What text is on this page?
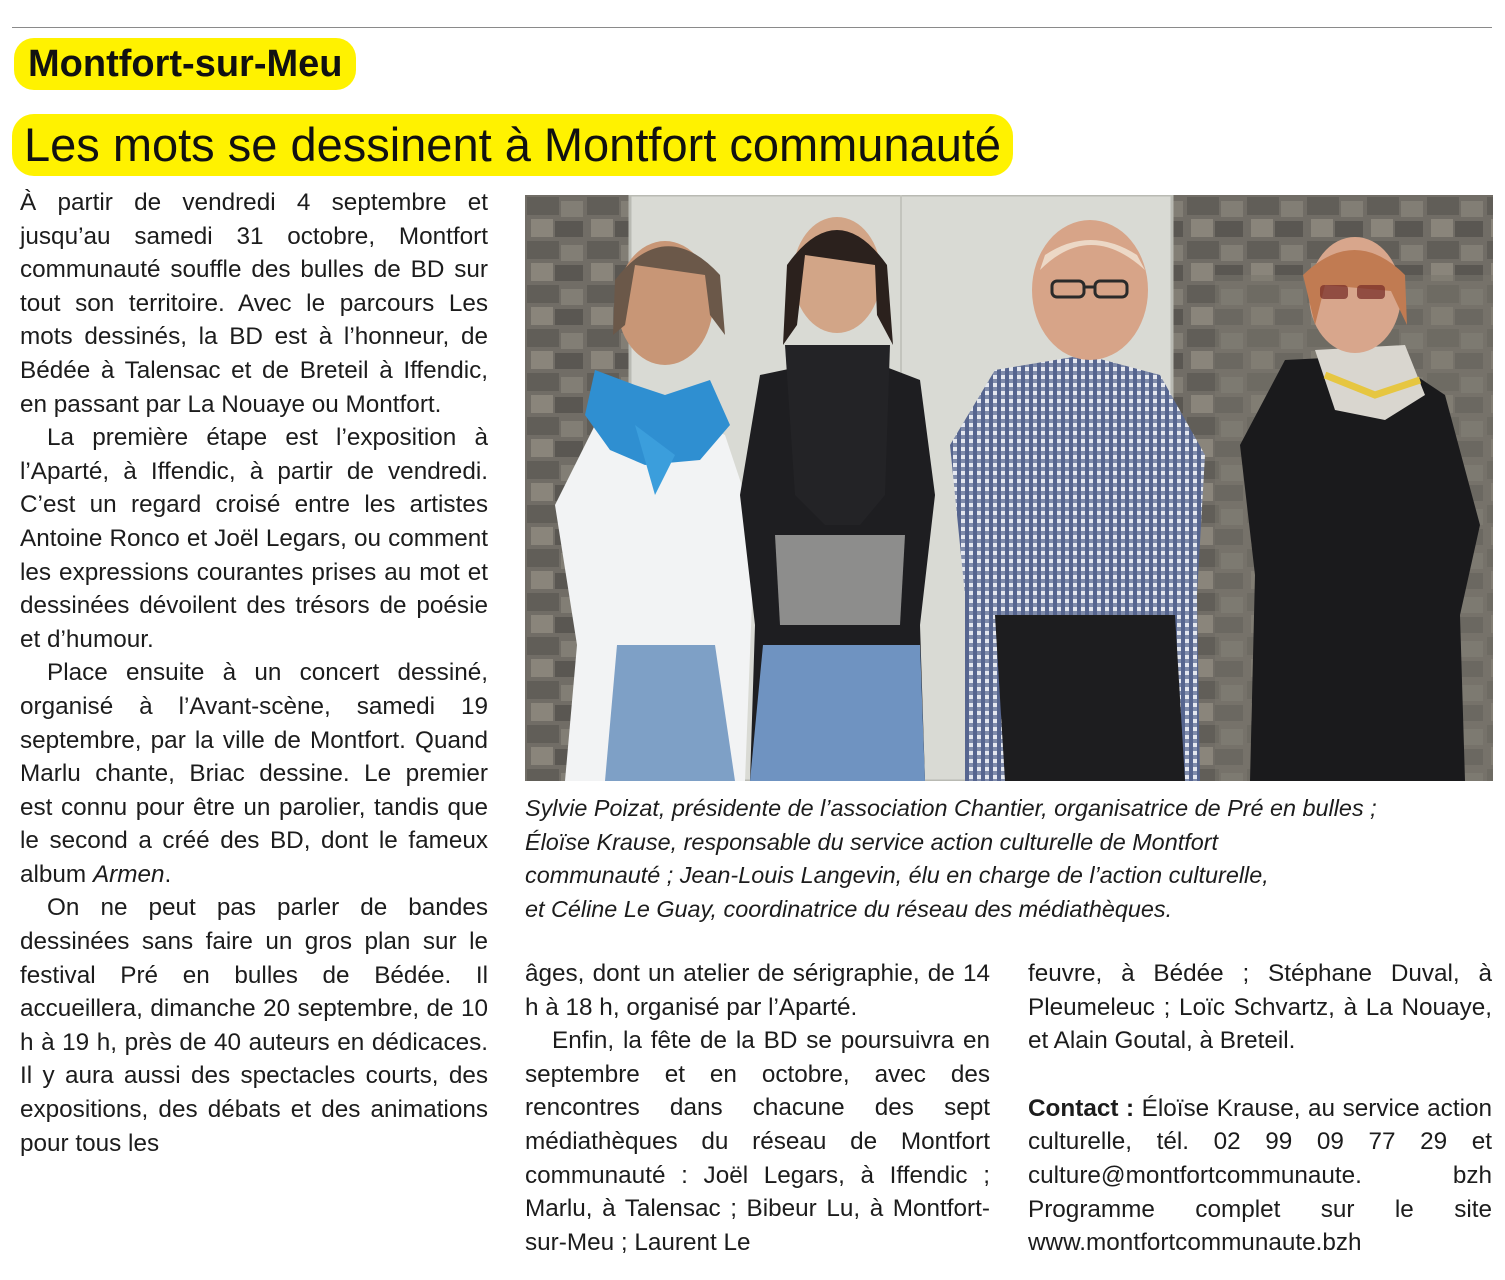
Montfort-sur-Meu
Les mots se dessinent à Montfort communauté

À partir de vendredi 4 septembre et jusqu’au samedi 31 octobre, Montfort communauté souffle des bulles de BD sur tout son territoire. Avec le parcours Les mots dessinés, la BD est à l’honneur, de Bédée à Talensac et de Breteil à Iffendic, en passant par La Nouaye ou Montfort.

La première étape est l’exposition à l’Aparté, à Iffendic, à partir de vendredi. C’est un regard croisé entre les artistes Antoine Ronco et Joël Legars, ou comment les expressions courantes prises au mot et dessinées dévoilent des trésors de poésie et d’humour.

Place ensuite à un concert dessiné, organisé à l’Avant-scène, samedi 19 septembre, par la ville de Montfort. Quand Marlu chante, Briac dessine. Le premier est connu pour être un parolier, tandis que le second a créé des BD, dont le fameux album Armen.

On ne peut pas parler de bandes dessinées sans faire un gros plan sur le festival Pré en bulles de Bédée. Il accueillera, dimanche 20 septembre, de 10 h à 19 h, près de 40 auteurs en dédicaces. Il y aura aussi des spectacles courts, des expositions, des débats et des animations pour tous les

Sylvie Poizat, présidente de l’association Chantier, organisatrice de Pré en bulles ;
Éloïse Krause, responsable du service action culturelle de Montfort
communauté ; Jean-Louis Langevin, élu en charge de l’action culturelle,
et Céline Le Guay, coordinatrice du réseau des médiathèques.

âges, dont un atelier de sérigraphie, de 14 h à 18 h, organisé par l’Aparté.

Enfin, la fête de la BD se poursuivra en septembre et en octobre, avec des rencontres dans chacune des sept médiathèques du réseau de Montfort communauté : Joël Legars, à Iffendic ; Marlu, à Talensac ; Bibeur Lu, à Montfort-sur-Meu ; Laurent Le

feuvre, à Bédée ; Stéphane Duval, à Pleumeleuc ; Loïc Schvartz, à La Nouaye, et Alain Goutal, à Breteil.

Contact : Éloïse Krause, au service action culturelle, tél. 02 99 09 77 29 et culture@montfortcommunaute. bzh Programme complet sur le site www.montfortcommunaute.bzh
